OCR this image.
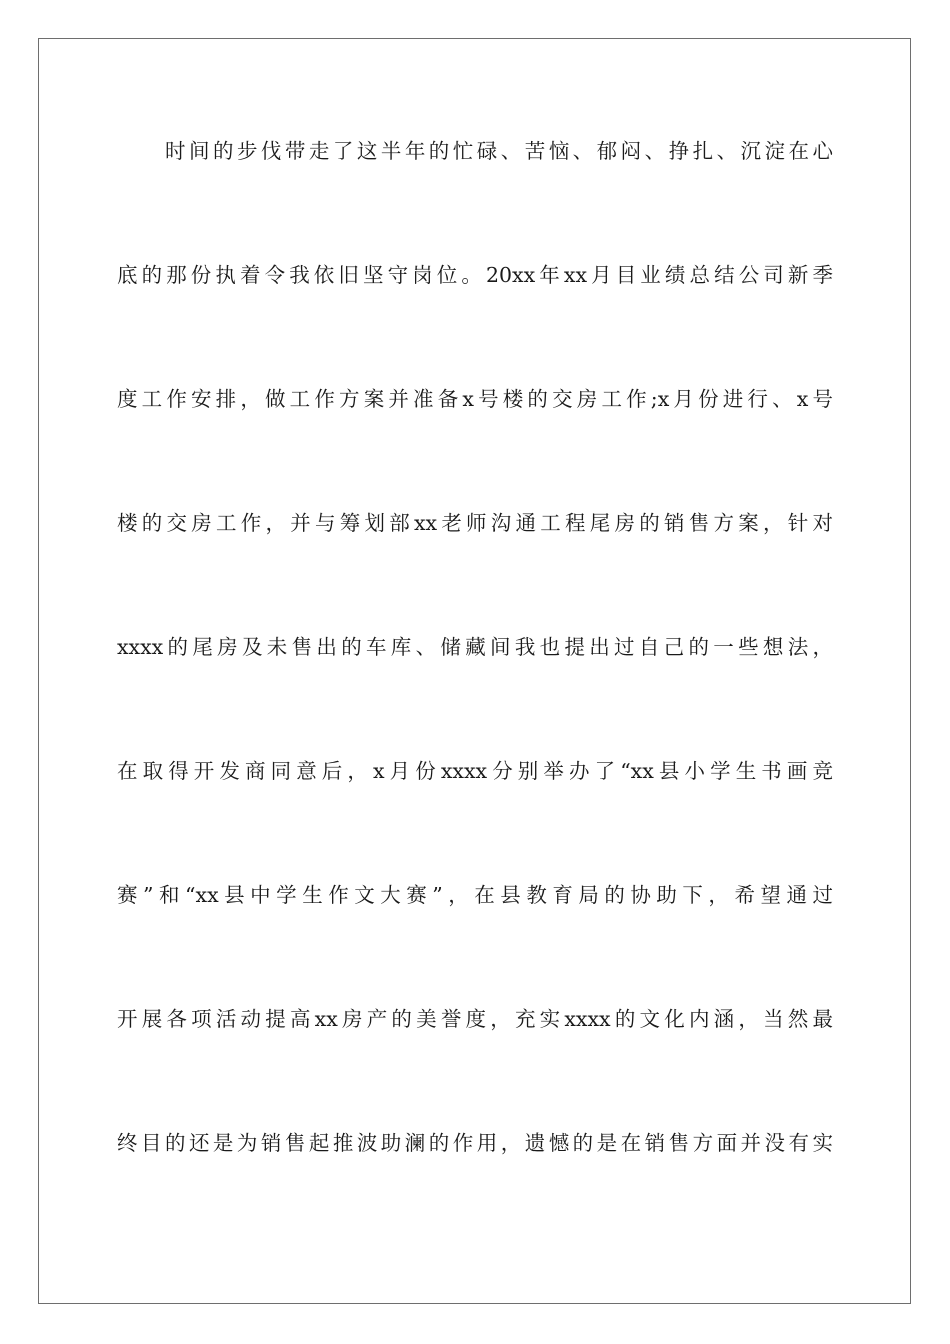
时间的步伐带走了这半年的忙碌、苦恼、郁闷、挣扎、沉淀在心
底的那份执着令我依旧坚守岗位。20xx年xx月目业绩总结公司新季
度工作安排，做工作方案并准备x号楼的交房工作;x月份进行、x号
楼的交房工作，并与筹划部xx老师沟通工程尾房的销售方案，针对
xxxx的尾房及未售出的车库、储藏间我也提出过自己的一些想法，
在取得开发商同意后，x月份xxxx分别举办了“xx县小学生书画竞
赛”和“xx县中学生作文大赛”，在县教育局的协助下，希望通过
开展各项活动提高xx房产的美誉度，充实xxxx的文化内涵，当然最
终目的还是为销售起推波助澜的作用，遗憾的是在销售方面并没有实
